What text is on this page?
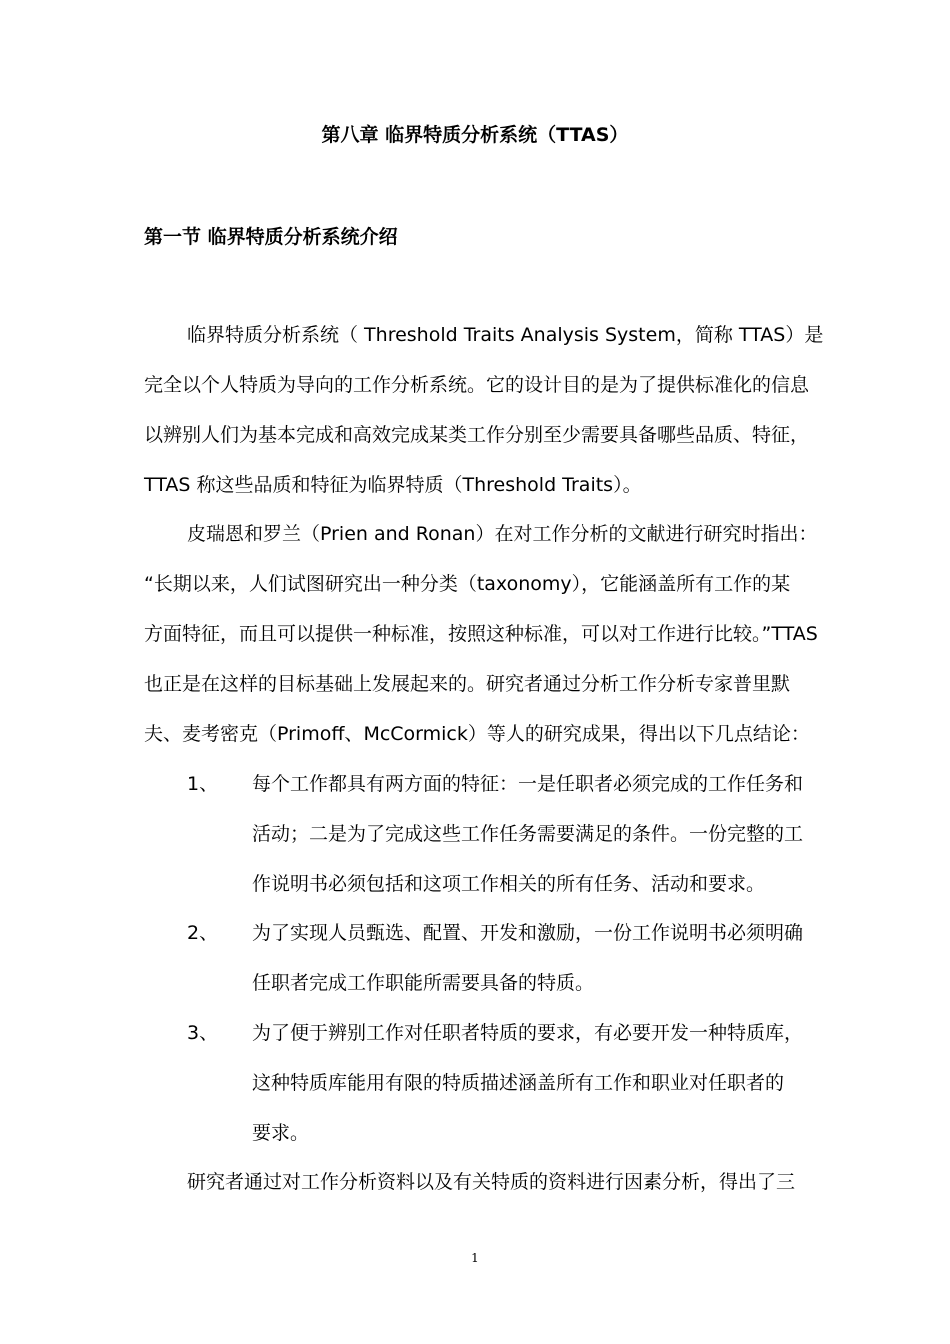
第八章 临界特质分析系统（TTAS）
第一节 临界特质分析系统介绍
临界特质分析系统（ Threshold Traits Analysis System，简称 TTAS）是
完全以个人特质为导向的工作分析系统。它的设计目的是为了提供标准化的信息
以辨别人们为基本完成和高效完成某类工作分别至少需要具备哪些品质、特征，
TTAS 称这些品质和特征为临界特质（Threshold Traits）。
皮瑞恩和罗兰（Prien and Ronan）在对工作分析的文献进行研究时指出：
“长期以来，人们试图研究出一种分类（taxonomy），它能涵盖所有工作的某
方面特征，而且可以提供一种标准，按照这种标准，可以对工作进行比较。”TTAS
也正是在这样的目标基础上发展起来的。研究者通过分析工作分析专家普里默
夫、麦考密克（Primoff、McCormick）等人的研究成果，得出以下几点结论：
1、 每个工作都具有两方面的特征：一是任职者必须完成的工作任务和
活动；二是为了完成这些工作任务需要满足的条件。一份完整的工
作说明书必须包括和这项工作相关的所有任务、活动和要求。
2、 为了实现人员甄选、配置、开发和激励，一份工作说明书必须明确
任职者完成工作职能所需要具备的特质。
3、 为了便于辨别工作对任职者特质的要求，有必要开发一种特质库，
这种特质库能用有限的特质描述涵盖所有工作和职业对任职者的
要求。
研究者通过对工作分析资料以及有关特质的资料进行因素分析，得出了三
1
